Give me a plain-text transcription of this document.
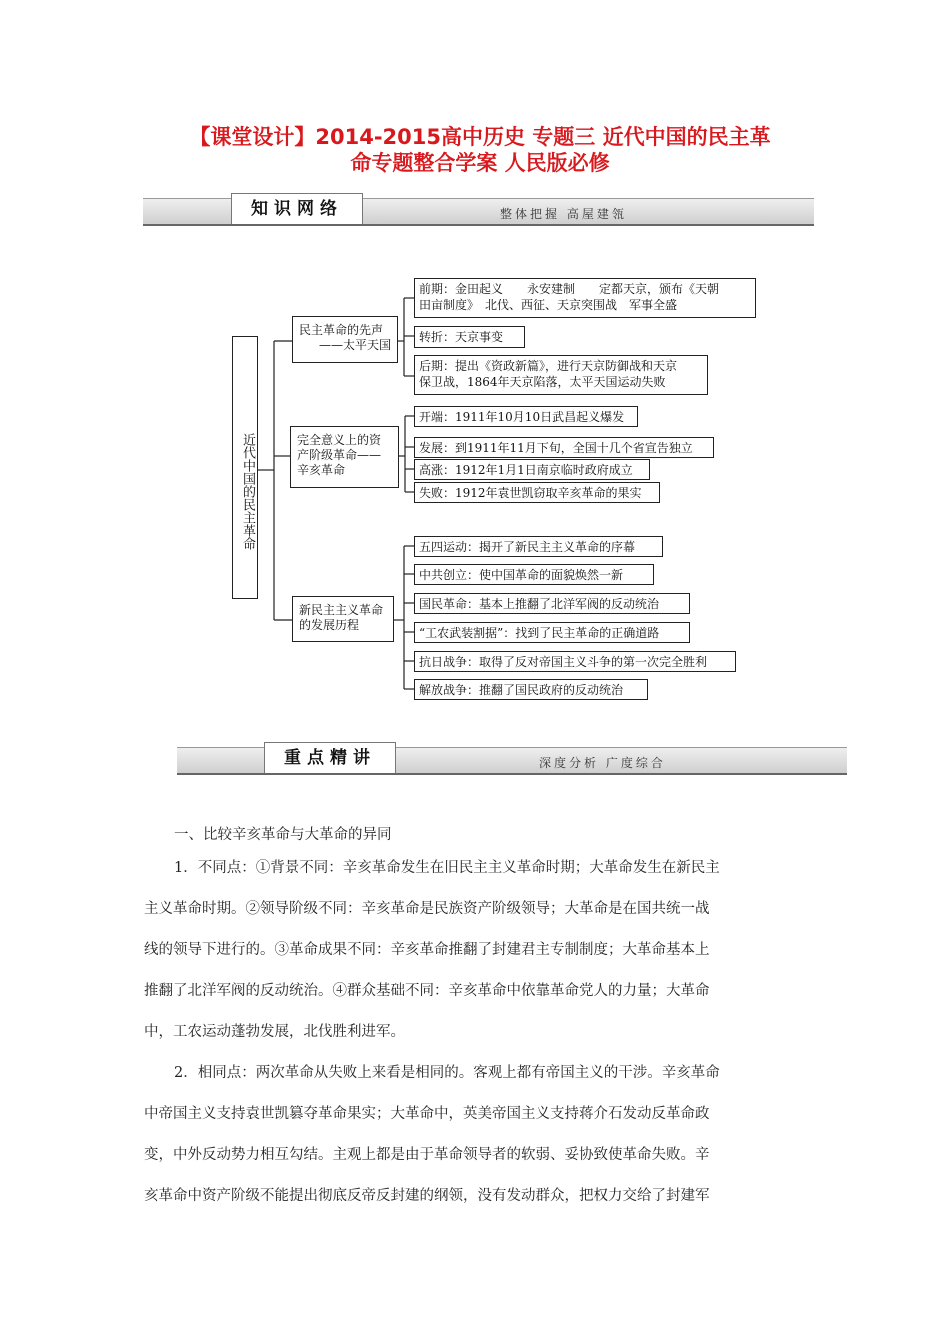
【课堂设计】2014-2015高中历史 专题三 近代中国的民主革
命专题整合学案 人民版必修
知识网络	整体把握 高屋建瓴
近代中国的民主革命
民主革命的先声
——太平天国
前期：金田起义　　永安建制　　定都天京，颁布《天朝
田亩制度》　北伐、西征、天京突围战　军事全盛
转折：天京事变
后期：提出《资政新篇》，进行天京防御战和天京
保卫战，1864年天京陷落，太平天国运动失败
完全意义上的资
产阶级革命——
辛亥革命
开端：1911年10月10日武昌起义爆发
发展：到1911年11月下旬，全国十几个省宣告独立
高涨：1912年1月1日南京临时政府成立
失败：1912年袁世凯窃取辛亥革命的果实
新民主主义革命
的发展历程
五四运动：揭开了新民主主义革命的序幕
中共创立：使中国革命的面貌焕然一新
国民革命：基本上推翻了北洋军阀的反动统治
“工农武装割据”：找到了民主革命的正确道路
抗日战争：取得了反对帝国主义斗争的第一次完全胜利
解放战争：推翻了国民政府的反动统治
重点精讲	深度分析 广度综合
一、比较辛亥革命与大革命的异同
1．不同点：①背景不同：辛亥革命发生在旧民主主义革命时期；大革命发生在新民主
主义革命时期。②领导阶级不同：辛亥革命是民族资产阶级领导；大革命是在国共统一战
线的领导下进行的。③革命成果不同：辛亥革命推翻了封建君主专制制度；大革命基本上
推翻了北洋军阀的反动统治。④群众基础不同：辛亥革命中依靠革命党人的力量；大革命
中，工农运动蓬勃发展，北伐胜利进军。
2．相同点：两次革命从失败上来看是相同的。客观上都有帝国主义的干涉。辛亥革命
中帝国主义支持袁世凯篡夺革命果实；大革命中，英美帝国主义支持蒋介石发动反革命政
变，中外反动势力相互勾结。主观上都是由于革命领导者的软弱、妥协致使革命失败。辛
亥革命中资产阶级不能提出彻底反帝反封建的纲领，没有发动群众，把权力交给了封建军
